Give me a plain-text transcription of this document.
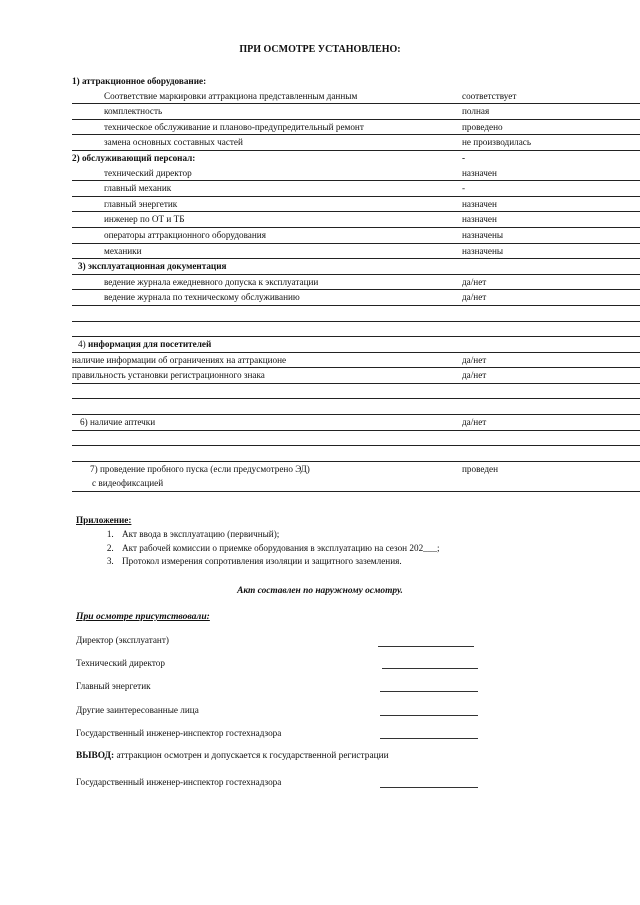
ПРИ ОСМОТРЕ УСТАНОВЛЕНО:
1) аттракционное оборудование:
Соответствие маркировки аттракциона представленным данным	соответствует
комплектность	полная
техническое обслуживание и планово-предупредительный ремонт	проведено
замена основных составных частей	не производилась
2) обслуживающий персонал:	-
технический директор	назначен
главный механик	-
главный энергетик	назначен
инженер по ОТ и ТБ	назначен
операторы аттракционного оборудования	назначены
механики	назначены
3) эксплуатационная документация
ведение журнала ежедневного допуска к эксплуатации	да/нет
ведение журнала по техническому обслуживанию	да/нет
4) информация для посетителей
наличие информации об ограничениях на аттракционе	да/нет
правильность установки регистрационного знака	да/нет
6) наличие аптечки	да/нет
7) проведение пробного пуска (если предусмотрено ЭД)	проведен
с видеофиксацией
Приложение:
1. Акт ввода в эксплуатацию (первичный);
2. Акт рабочей комиссии о приемке оборудования в эксплуатацию на сезон 202___;
3. Протокол измерения сопротивления изоляции и защитного заземления.
Акт составлен по наружному осмотру.
При осмотре присутствовали:
Директор (эксплуатант)
Технический директор
Главный энергетик
Другие заинтересованные лица
Государственный инженер-инспектор гостехнадзора
ВЫВОД: аттракцион осмотрен и допускается к государственной регистрации
Государственный инженер-инспектор гостехнадзора
